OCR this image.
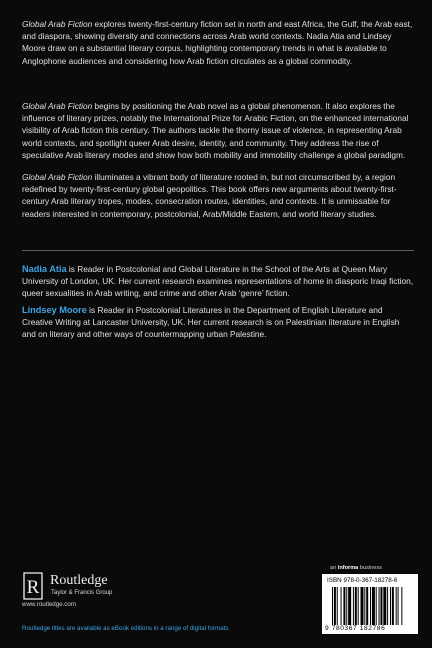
Global Arab Fiction explores twenty-first-century fiction set in north and east Africa, the Gulf, the Arab east, and diaspora, showing diversity and connections across Arab world contexts. Nadia Atia and Lindsey Moore draw on a substantial literary corpus, highlighting contemporary trends in what is available to Anglophone audiences and considering how Arab fiction circulates as a global commodity.

Global Arab Fiction begins by positioning the Arab novel as a global phenomenon. It also explores the influence of literary prizes, notably the International Prize for Arabic Fiction, on the enhanced international visibility of Arab fiction this century. The authors tackle the thorny issue of violence, in representing Arab world contexts, and spotlight queer Arab desire, identity, and community. They address the rise of speculative Arab literary modes and show how both mobility and immobility challenge a global paradigm.

Global Arab Fiction illuminates a vibrant body of literature rooted in, but not circumscribed by, a region redefined by twenty-first-century global geopolitics. This book offers new arguments about twenty-first-century Arab literary tropes, modes, consecration routes, identities, and contexts. It is unmissable for readers interested in contemporary, postcolonial, Arab/Middle Eastern, and world literary studies.

Nadia Atia is Reader in Postcolonial and Global Literature in the School of the Arts at Queen Mary University of London, UK. Her current research examines representations of home in diasporic Iraqi fiction, queer sexualities in Arab writing, and crime and other Arab ‘genre’ fiction.

Lindsey Moore is Reader in Postcolonial Literatures in the Department of English Literature and Creative Writing at Lancaster University, UK. Her current research is on Palestinian literature in English and on literary and other ways of countermapping urban Palestine.

R Routledge
Taylor & Francis Group
www.routledge.com
Routledge titles are available as eBook editions in a range of digital formats
an informa business
ISBN 978-0-367-18278-6
9 780367 182786
